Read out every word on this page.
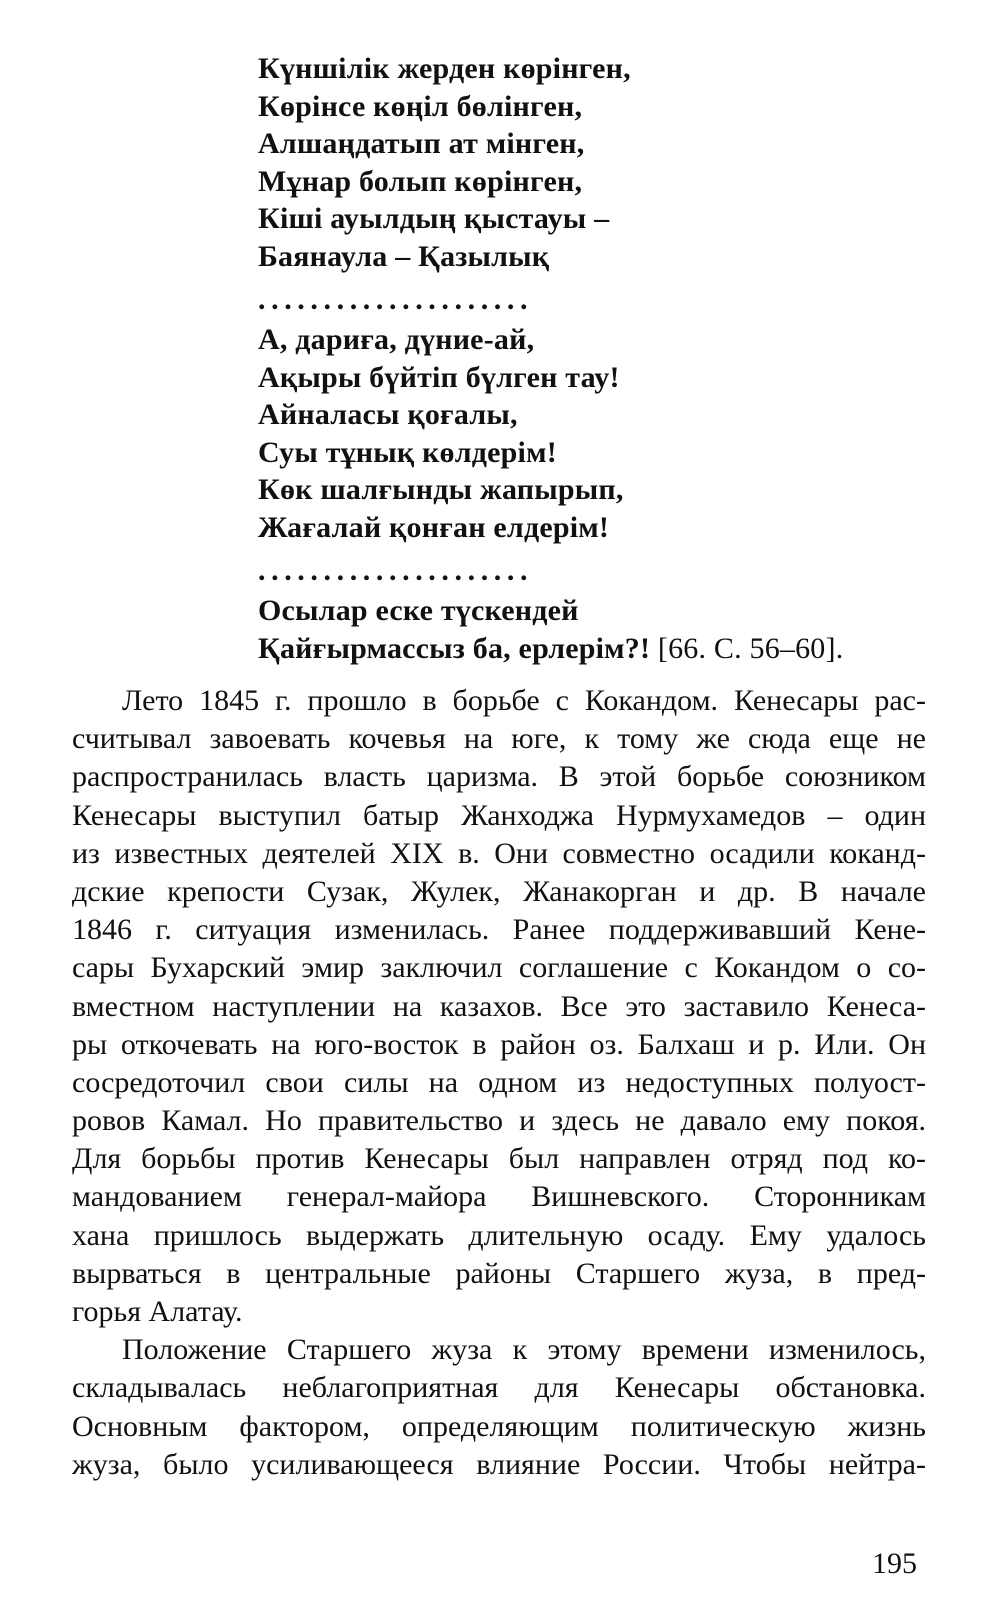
Күншілік жерден көрінген,
Көрінсе көңіл бөлінген,
Алшаңдатып ат мінген,
Мұнар болып көрінген,
Кіші ауылдың қыстауы –
Баянаула – Қазылық
.....................
А, дариға, дүние-ай,
Ақыры бүйтіп бүлген тау!
Айналасы қоғалы,
Суы тұнық көлдерім!
Көк шалғынды жапырып,
Жағалай қонған елдерім!
.....................
Осылар еске түскендей
Қайғырмассыз ба, ерлерім?! [66. С. 56–60].

Лето 1845 г. прошло в борьбе с Кокандом. Кенесары рас-
считывал завоевать кочевья на юге, к тому же сюда еще не
распространилась власть царизма. В этой борьбе союзником
Кенесары выступил батыр Жанходжа Нурмухамедов – один
из известных деятелей XIX в. Они совместно осадили коканд-
дские крепости Сузак, Жулек, Жанакорган и др. В начале
1846 г. ситуация изменилась. Ранее поддерживавший Кене-
сары Бухарский эмир заключил соглашение с Кокандом о со-
вместном наступлении на казахов. Все это заставило Кенеса-
ры откочевать на юго-восток в район оз. Балхаш и р. Или. Он
сосредоточил свои силы на одном из недоступных полуост-
ровов Камал. Но правительство и здесь не давало ему покоя.
Для борьбы против Кенесары был направлен отряд под ко-
мандованием генерал-майора Вишневского. Сторонникам
хана пришлось выдержать длительную осаду. Ему удалось
вырваться в центральные районы Старшего жуза, в пред-
горья Алатау.

Положение Старшего жуза к этому времени изменилось,
складывалась неблагоприятная для Кенесары обстановка.
Основным фактором, определяющим политическую жизнь
жуза, было усиливающееся влияние России. Чтобы нейтра-

195
